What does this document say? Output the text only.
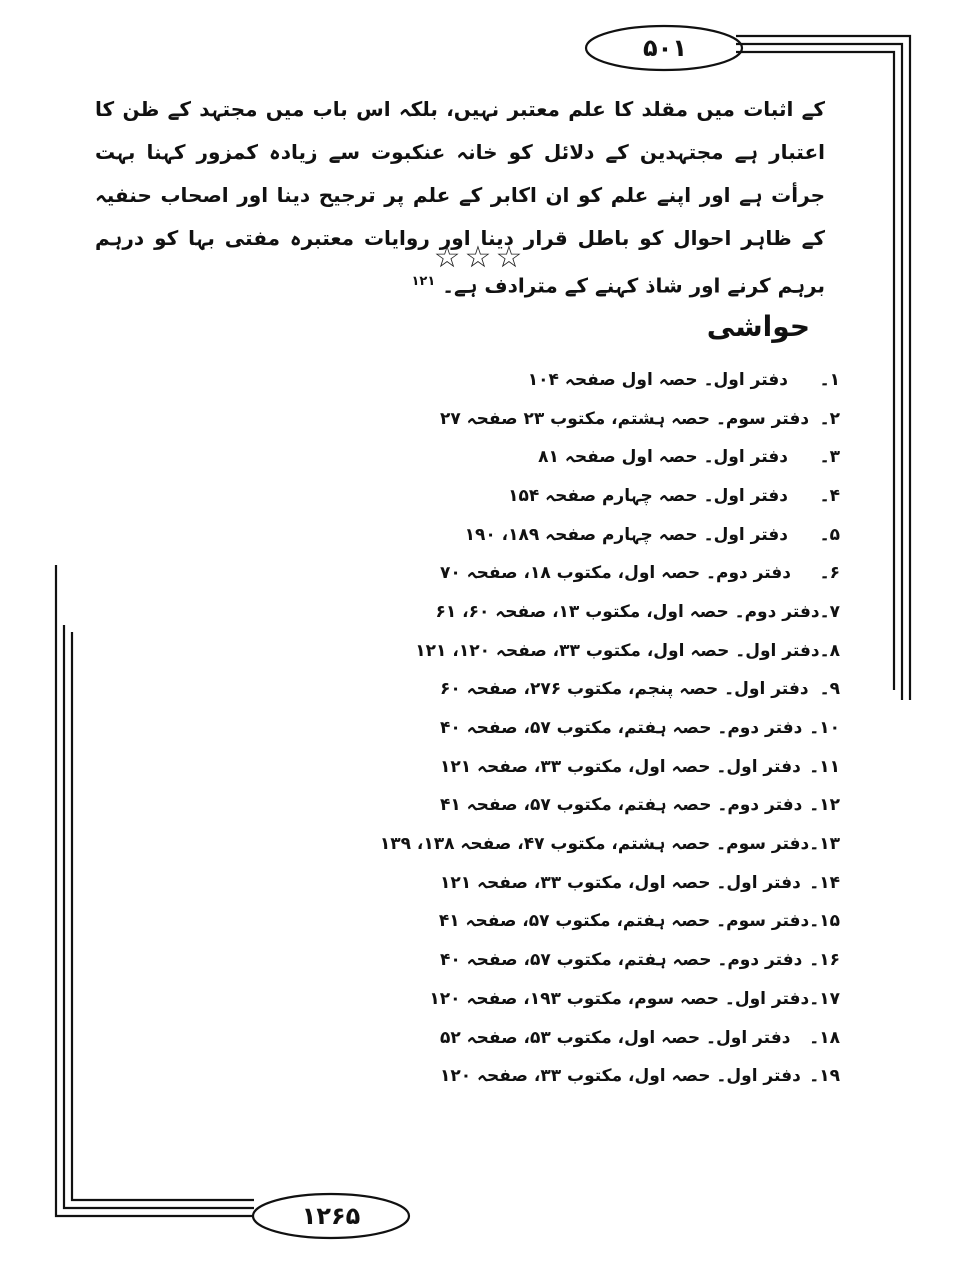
۵۰۱
کے اثبات میں مقلد کا علم معتبر نہیں، بلکہ اس باب میں مجتہد کے ظن کا اعتبار ہے مجتہدین کے دلائل کو خانہ عنکبوت سے زیادہ کمزور کہنا بہت جرأت ہے اور اپنے علم کو ان اکابر کے علم پر ترجیح دینا اور اصحاب حنفیہ کے ظاہر احوال کو باطل قرار دینا اور روایات معتبرہ مفتی بہا کو درہم برہم کرنے اور شاذ کہنے کے مترادف ہے۔ $^{۱۲۱}$
☆☆☆
حواشی
۱۔
دفتر اول۔ حصہ اول صفحہ ۱۰۴
۲۔
دفتر سوم۔ حصہ ہشتم، مکتوب ۲۳ صفحہ ۲۷
۳۔
دفتر اول۔ حصہ اول صفحہ ۸۱
۴۔
دفتر اول۔ حصہ چہارم صفحہ ۱۵۴
۵۔
دفتر اول۔ حصہ چہارم صفحہ ۱۸۹، ۱۹۰
۶۔
دفتر دوم۔ حصہ اول، مکتوب ۱۸، صفحہ ۷۰
۷۔
دفتر دوم۔ حصہ اول، مکتوب ۱۳، صفحہ ۶۰، ۶۱
۸۔
دفتر اول۔ حصہ اول، مکتوب ۳۳، صفحہ ۱۲۰، ۱۲۱
۹۔
دفتر اول۔ حصہ پنجم، مکتوب ۲۷۶، صفحہ ۶۰
۱۰۔
دفتر دوم۔ حصہ ہفتم، مکتوب ۵۷، صفحہ ۴۰
۱۱۔
دفتر اول۔ حصہ اول، مکتوب ۳۳، صفحہ ۱۲۱
۱۲۔
دفتر دوم۔ حصہ ہفتم، مکتوب ۵۷، صفحہ ۴۱
۱۳۔
دفتر سوم۔ حصہ ہشتم، مکتوب ۴۷، صفحہ ۱۳۸، ۱۳۹
۱۴۔
دفتر اول۔ حصہ اول، مکتوب ۳۳، صفحہ ۱۲۱
۱۵۔
دفتر سوم۔ حصہ ہفتم، مکتوب ۵۷، صفحہ ۴۱
۱۶۔
دفتر دوم۔ حصہ ہفتم، مکتوب ۵۷، صفحہ ۴۰
۱۷۔
دفتر اول۔ حصہ سوم، مکتوب ۱۹۳، صفحہ ۱۲۰
۱۸۔
دفتر اول۔ حصہ اول، مکتوب ۵۳، صفحہ ۵۲
۱۹۔
دفتر اول۔ حصہ اول، مکتوب ۳۳، صفحہ ۱۲۰
۱۲۶۵
